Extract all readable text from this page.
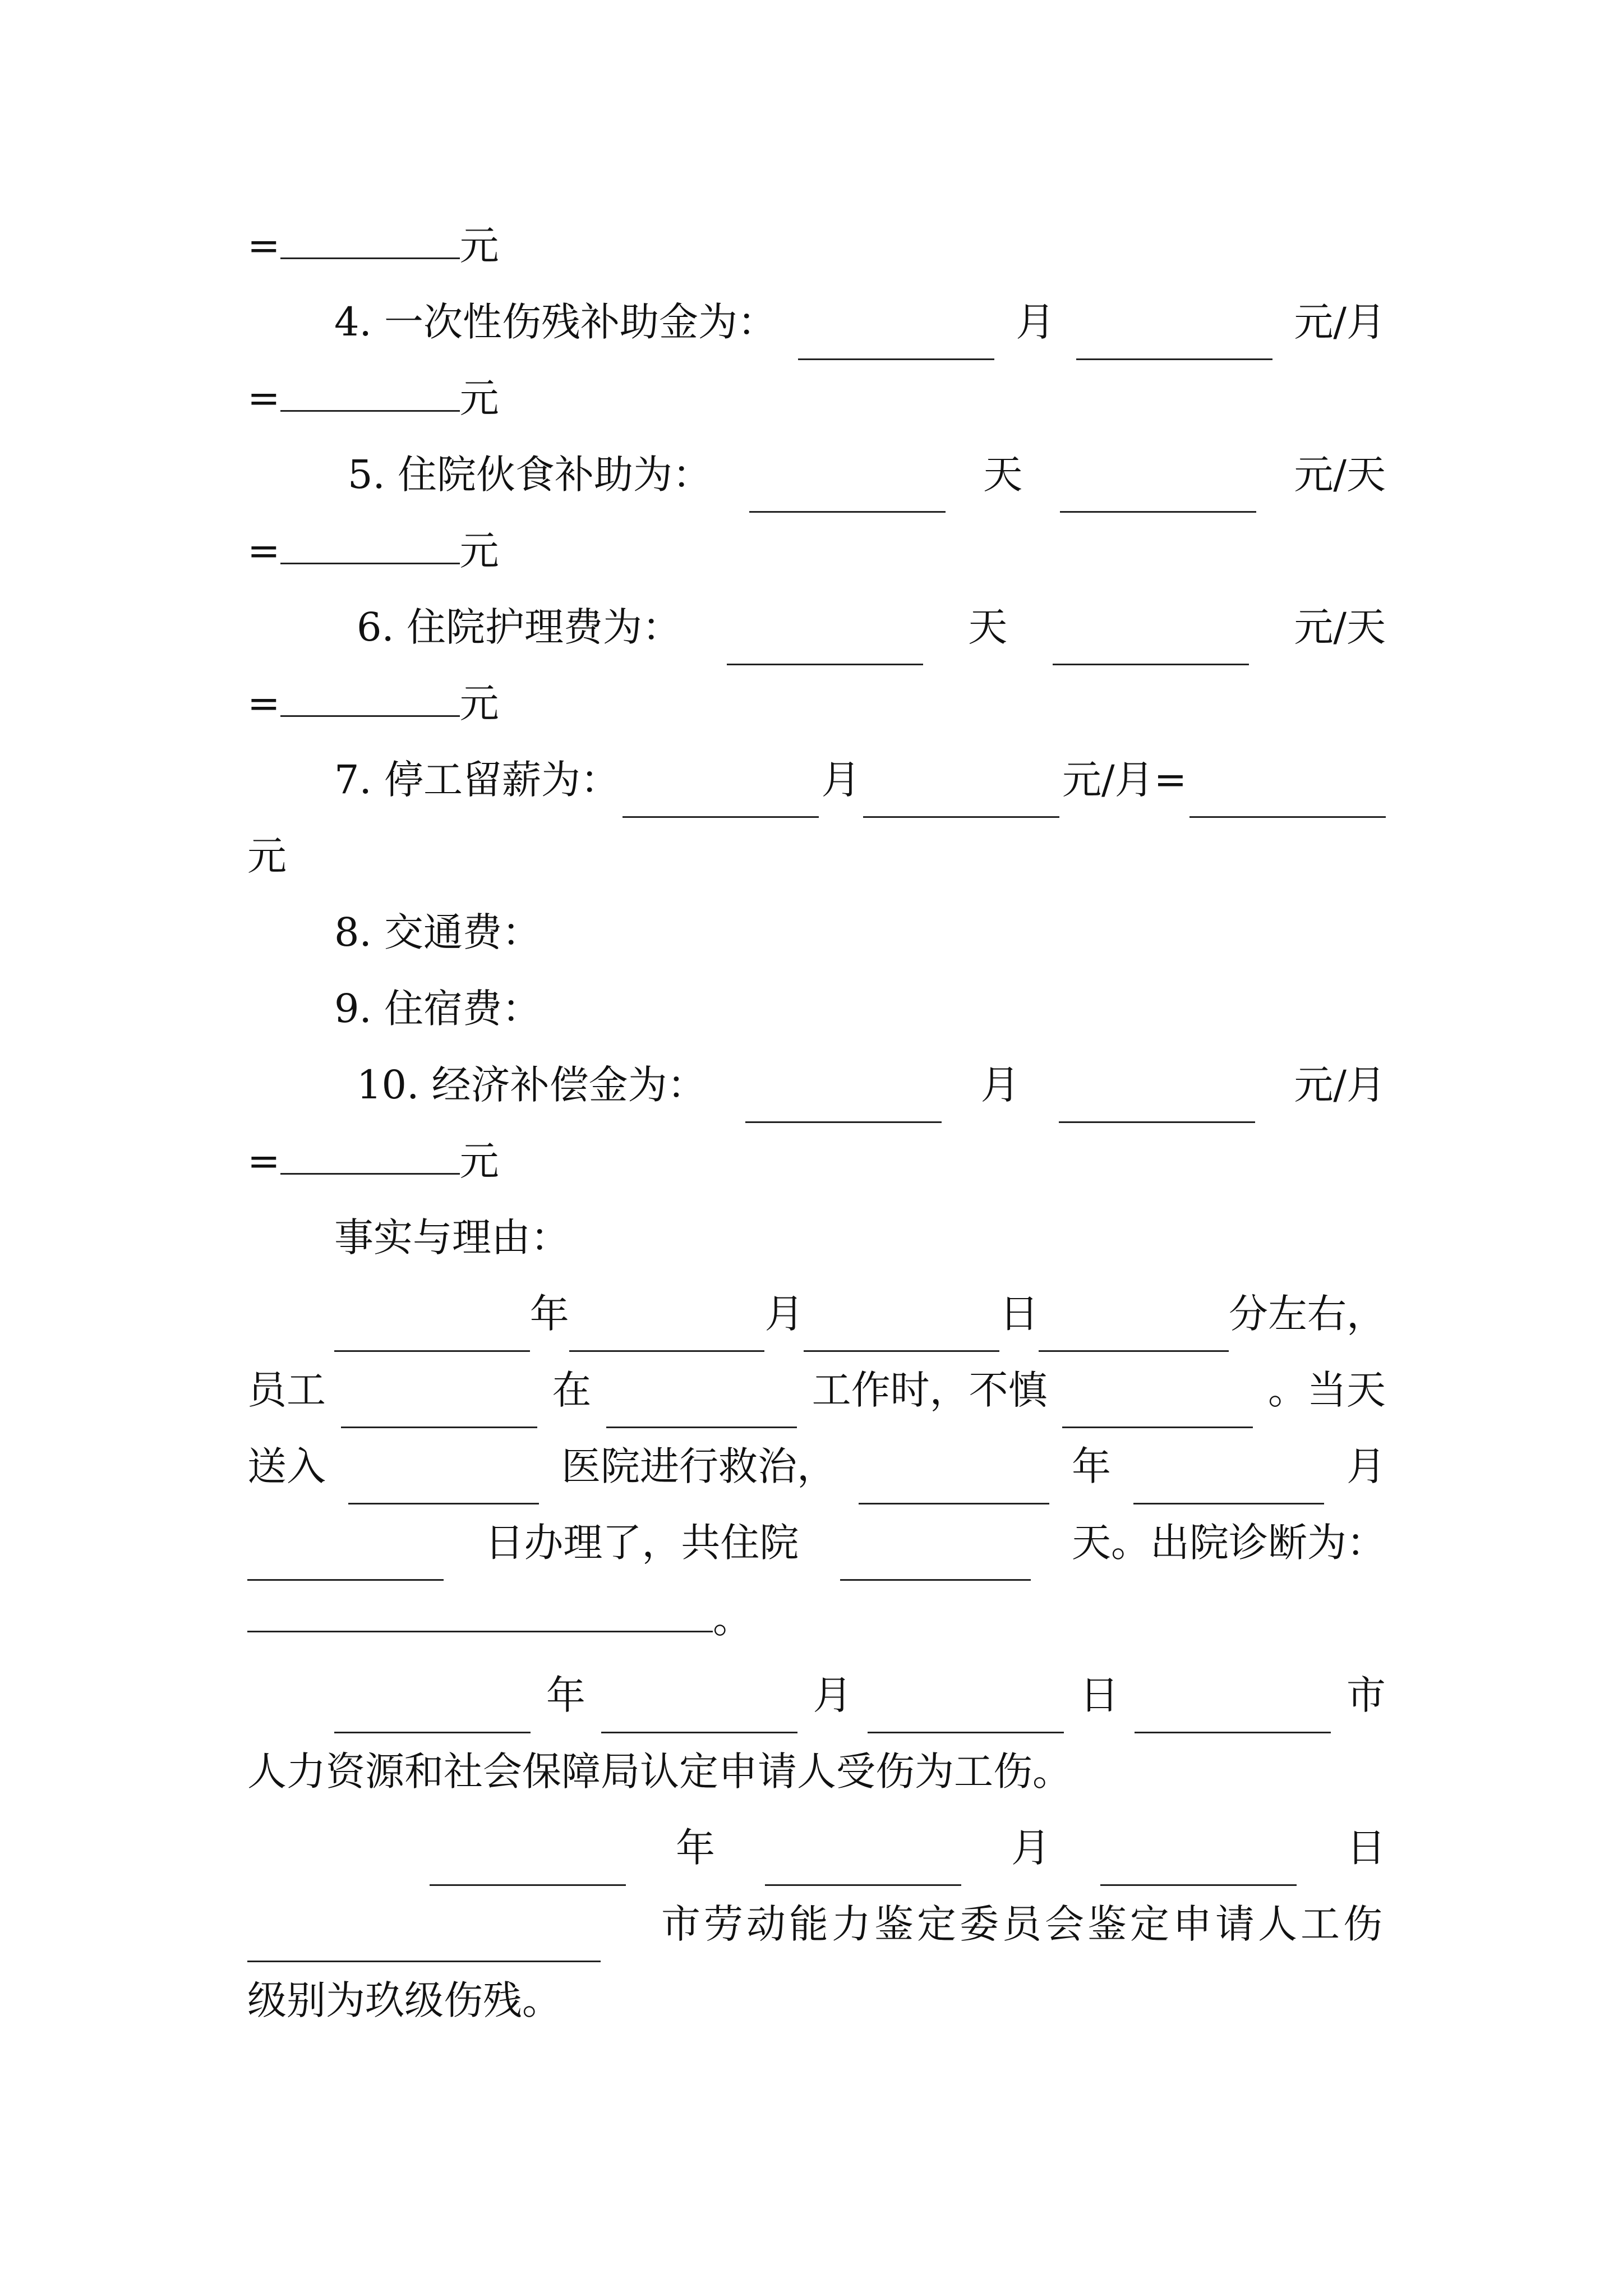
=	元
4. 一次性伤残补助金为：	月	元/月
=	元
5. 住院伙食补助为：	天	元/天
=	元
6. 住院护理费为：	天	元/天
=	元
7. 停工留薪为：	月	元/月=
元
8. 交通费：
9. 住宿费：
10. 经济补偿金为：	月	元/月
=	元
事实与理由：
年	月	日	分左右，
员工	在	工作时，不慎	。当天
送入	医院进行救治，	年	月
日办理了，共住院	天。出院诊断为：
。
年	月	日	市
人力资源和社会保障局认定申请人受伤为工伤。
年	月	日
市劳动能力鉴定委员会鉴定申请人工伤
级别为玖级伤残。
